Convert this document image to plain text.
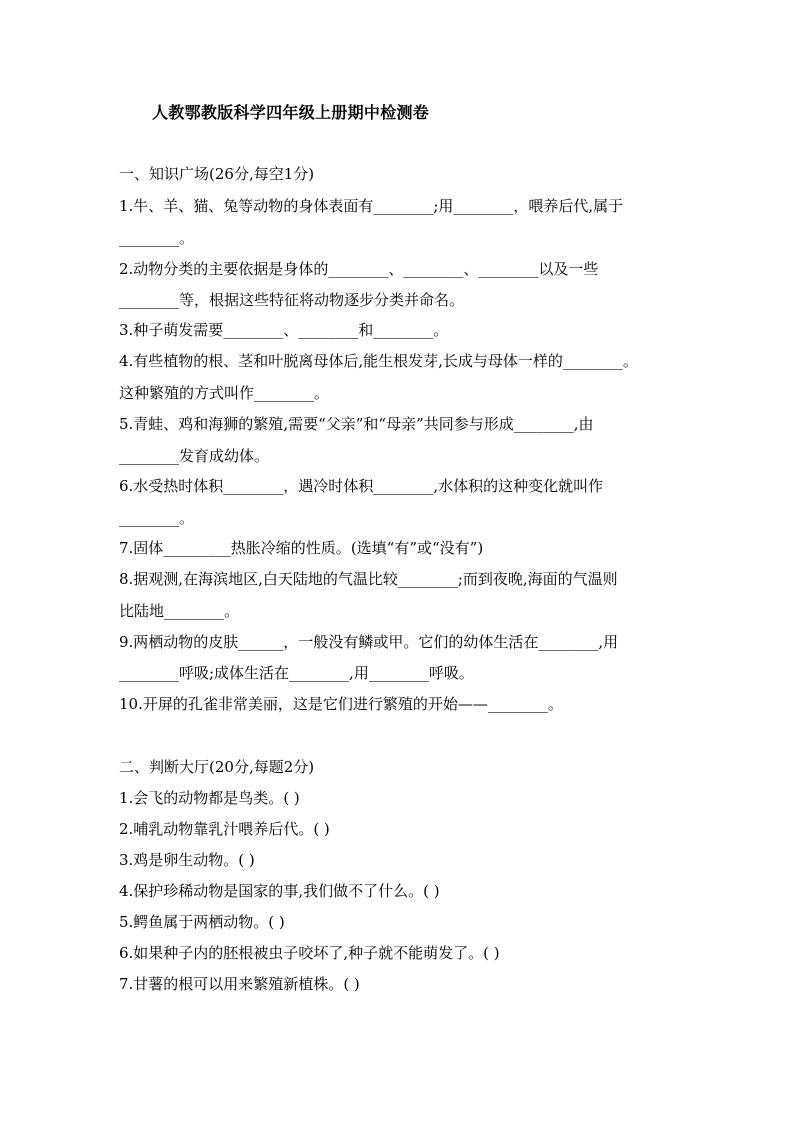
人教鄂教版科学四年级上册期中检测卷
一、知识广场(26分,每空1分)
1.牛、羊、猫、兔等动物的身体表面有________;用________，喂养后代,属于
________。
2.动物分类的主要依据是身体的________、________、________以及一些
________等，根据这些特征将动物逐步分类并命名。
3.种子萌发需要________、________和________。
4.有些植物的根、茎和叶脱离母体后,能生根发芽,长成与母体一样的________。
这种繁殖的方式叫作________。
5.青蛙、鸡和海狮的繁殖,需要“父亲”和“母亲”共同参与形成________,由
________发育成幼体。
6.水受热时体积________，遇冷时体积________,水体积的这种变化就叫作
________。
7.固体_________热胀冷缩的性质。(选填“有”或“没有”)
8.据观测,在海滨地区,白天陆地的气温比较________;而到夜晚,海面的气温则
比陆地________。
9.两栖动物的皮肤______，一般没有鳞或甲。它们的幼体生活在________,用
________呼吸;成体生活在________,用________呼吸。
10.开屏的孔雀非常美丽，这是它们进行繁殖的开始——________。
二、判断大厅(20分,每题2分)
1.会飞的动物都是鸟类。( )
2.哺乳动物靠乳汁喂养后代。( )
3.鸡是卵生动物。( )
4.保护珍稀动物是国家的事,我们做不了什么。( )
5.鳄鱼属于两栖动物。( )
6.如果种子内的胚根被虫子咬坏了,种子就不能萌发了。( )
7.甘薯的根可以用来繁殖新植株。( )
